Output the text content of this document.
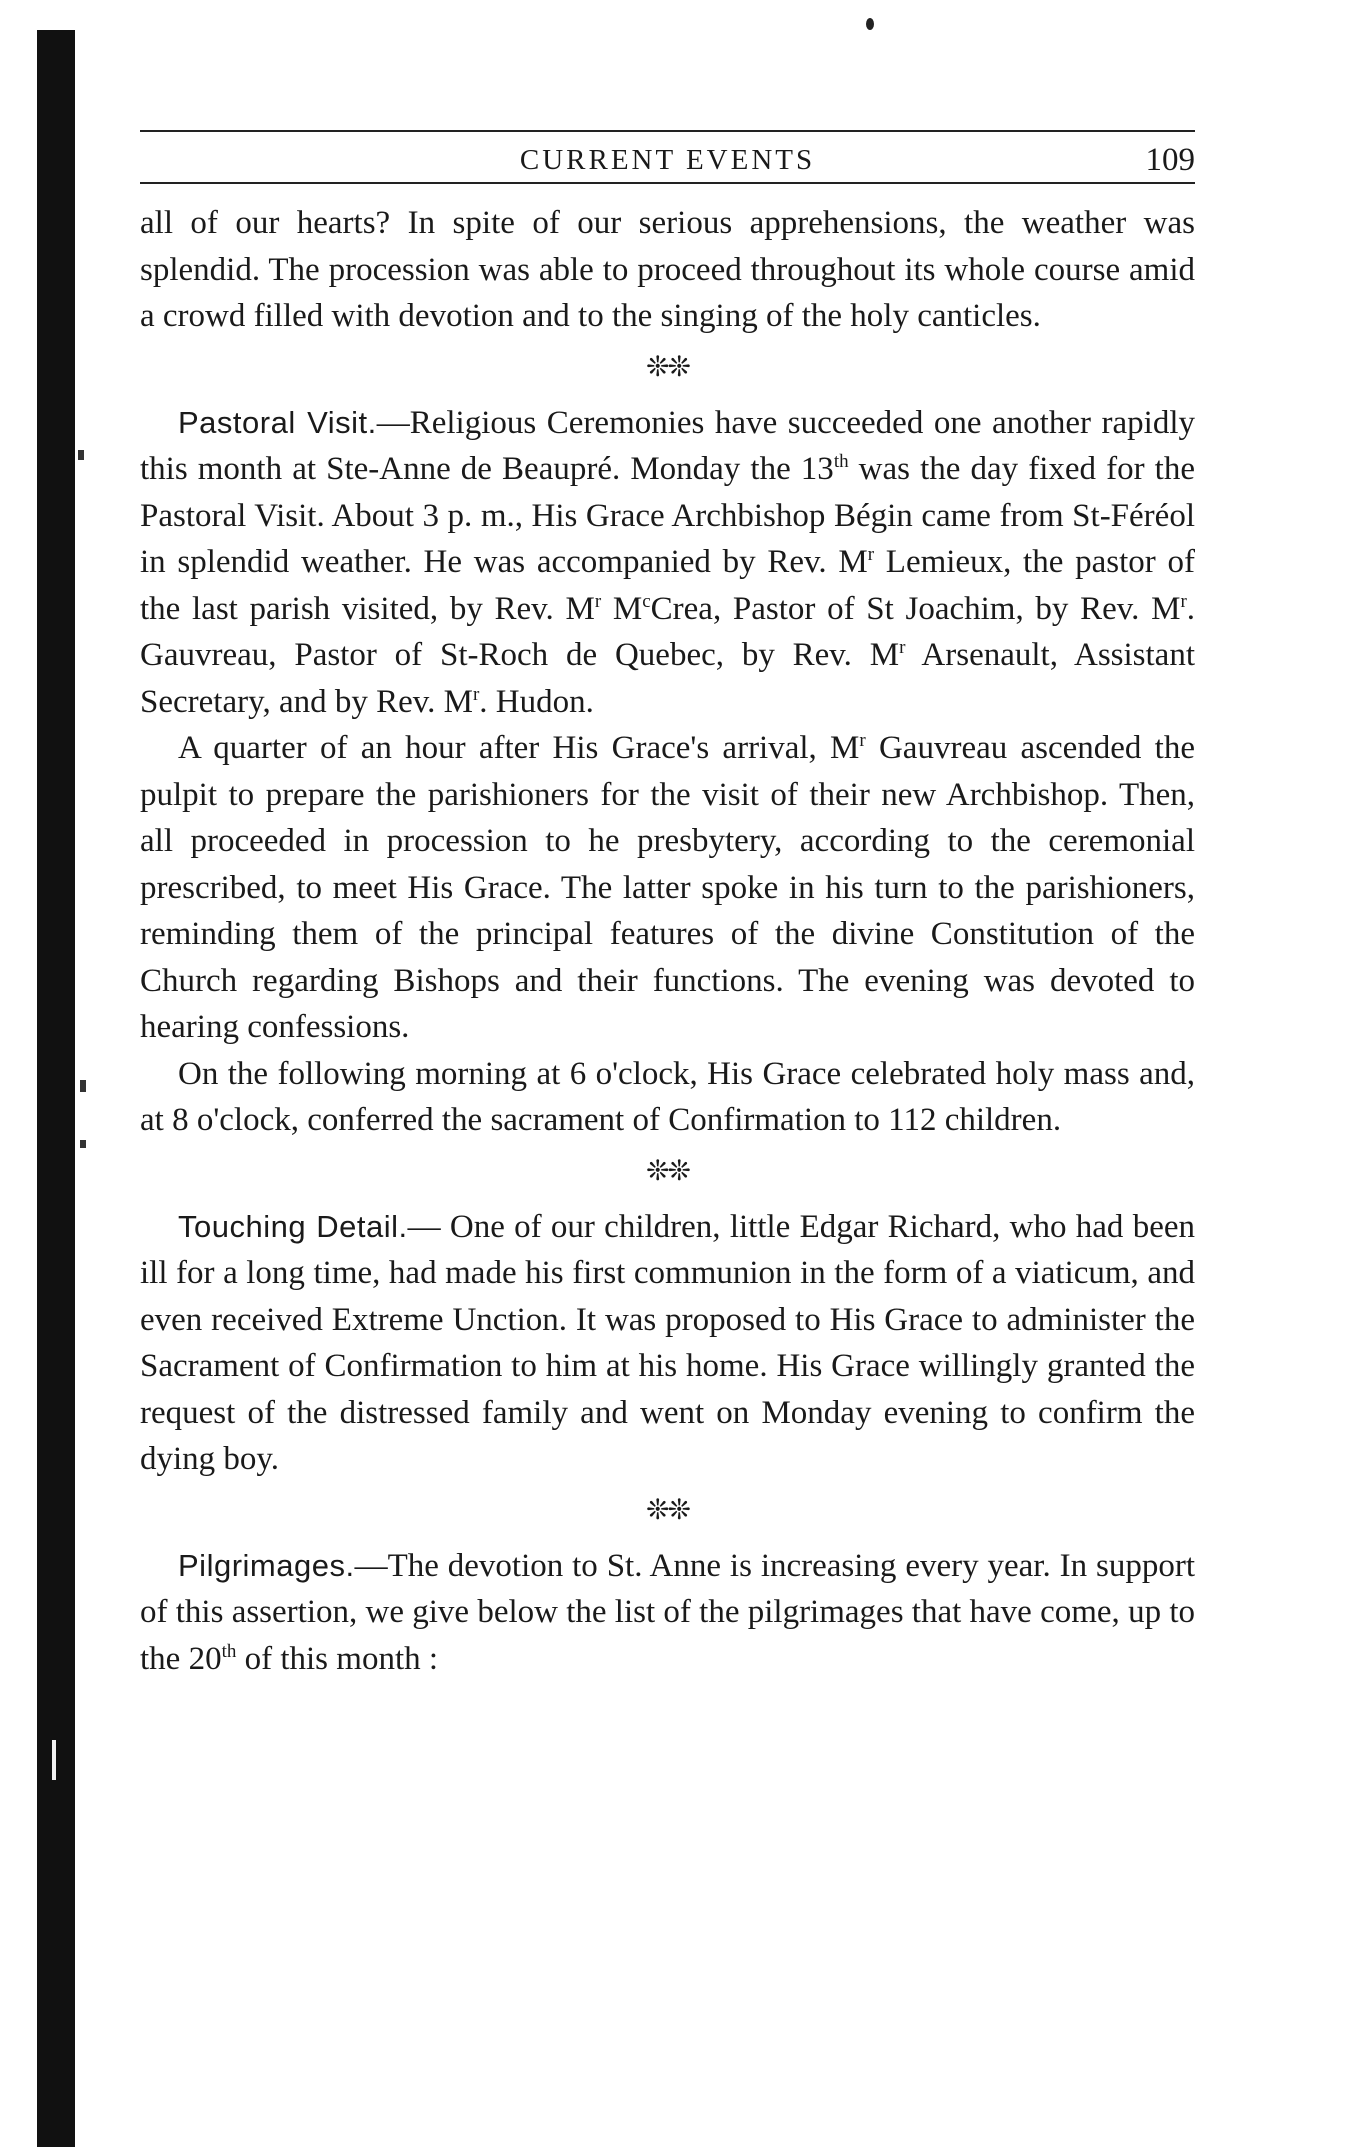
CURRENT EVENTS	109

all of our hearts? In spite of our serious apprehensions, the weather was splendid. The procession was able to proceed throughout its whole course amid a crowd filled with devotion and to the singing of the holy canticles.

❊❊

Pastoral Visit.—Religious Ceremonies have succeeded one another rapidly this month at Ste-Anne de Beaupré. Monday the 13th was the day fixed for the Pastoral Visit. About 3 p. m., His Grace Archbishop Bégin came from St-Féréol in splendid weather. He was accompanied by Rev. $M^r$ Lemieux, the pastor of the last parish visited, by Rev. $M^r$ $M^cCrea$, Pastor of St Joachim, by Rev. $M^r$. Gauvreau, Pastor of St-Roch de Quebec, by Rev. $M^r$ Arsenault, Assistant Secretary, and by Rev. $M^r$. Hudon.

A quarter of an hour after His Grace's arrival, $M^r$ Gauvreau ascended the pulpit to prepare the parishioners for the visit of their new Archbishop. Then, all proceeded in procession to he presbytery, according to the ceremonial prescribed, to meet His Grace. The latter spoke in his turn to the parishioners, reminding them of the principal features of the divine Constitution of the Church regarding Bishops and their functions. The evening was devoted to hearing confessions.

On the following morning at 6 o'clock, His Grace celebrated holy mass and, at 8 o'clock, conferred the sacrament of Confirmation to 112 children.

❊❊

Touching Detail.— One of our children, little Edgar Richard, who had been ill for a long time, had made his first communion in the form of a viaticum, and even received Extreme Unction. It was proposed to His Grace to administer the Sacrament of Confirmation to him at his home. His Grace willingly granted the request of the distressed family and went on Monday evening to confirm the dying boy.

❊❊

Pilgrimages.—The devotion to St. Anne is increasing every year. In support of this assertion, we give below the list of the pilgrimages that have come, up to the 20th of this month :
